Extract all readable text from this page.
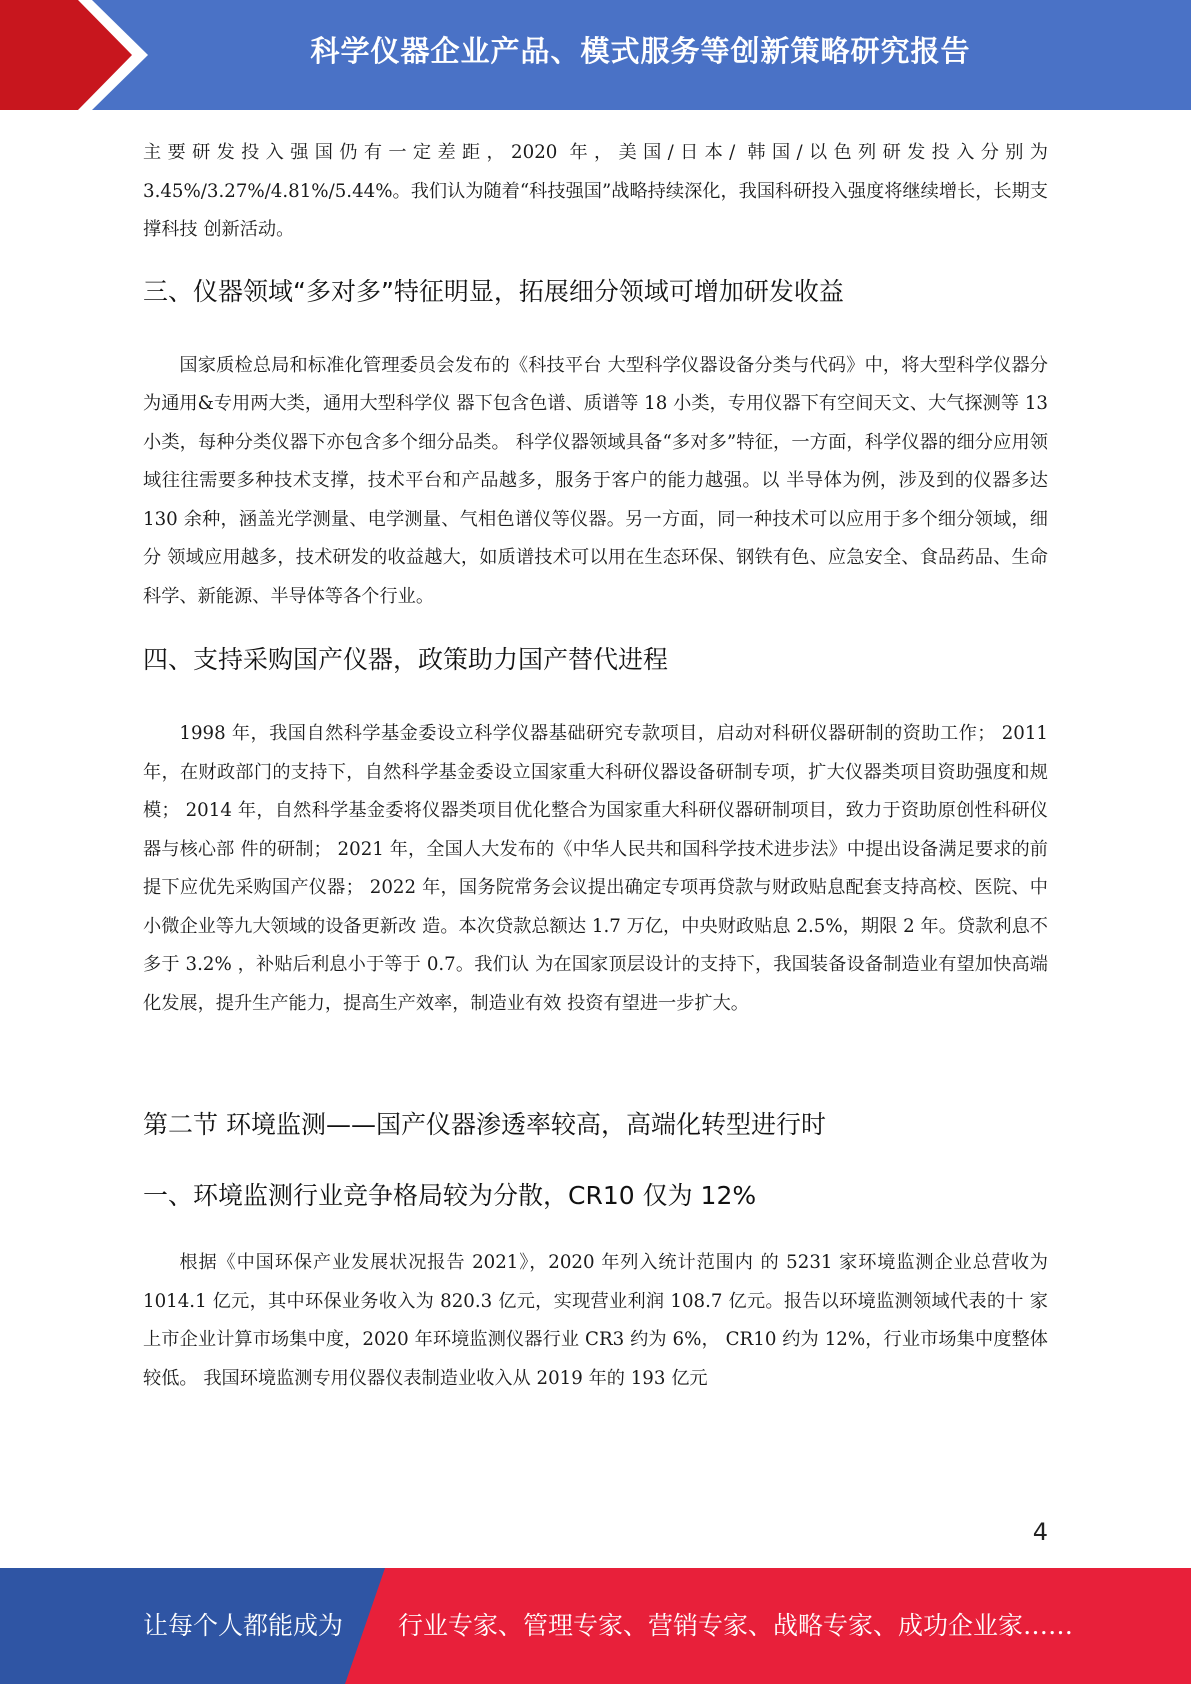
科学仪器企业产品、模式服务等创新策略研究报告

主要研发投入强国仍有一定差距，2020 年，美国/日本/ 韩国/以色列研发投入分别为 3.45%/3.27%/4.81%/5.44%。我们认为随着“科技强国”战略持续深化，我国科研投入强度将继续增长，长期支撑科技 创新活动。

三、仪器领域“多对多”特征明显，拓展细分领域可增加研发收益

国家质检总局和标准化管理委员会发布的《科技平台 大型科学仪器设备分类与代码》中，将大型科学仪器分为通用&专用两大类，通用大型科学仪 器下包含色谱、质谱等 18 小类，专用仪器下有空间天文、大气探测等 13 小类，每种分类仪器下亦包含多个细分品类。 科学仪器领域具备“多对多”特征，一方面，科学仪器的细分应用领域往往需要多种技术支撑，技术平台和产品越多，服务于客户的能力越强。以 半导体为例，涉及到的仪器多达 130 余种，涵盖光学测量、电学测量、气相色谱仪等仪器。另一方面，同一种技术可以应用于多个细分领域，细分 领域应用越多，技术研发的收益越大，如质谱技术可以用在生态环保、钢铁有色、应急安全、食品药品、生命科学、新能源、半导体等各个行业。

四、支持采购国产仪器，政策助力国产替代进程

1998 年，我国自然科学基金委设立科学仪器基础研究专款项目，启动对科研仪器研制的资助工作； 2011 年，在财政部门的支持下，自然科学基金委设立国家重大科研仪器设备研制专项，扩大仪器类项目资助强度和规 模； 2014 年，自然科学基金委将仪器类项目优化整合为国家重大科研仪器研制项目，致力于资助原创性科研仪器与核心部 件的研制； 2021 年，全国人大发布的《中华人民共和国科学技术进步法》中提出设备满足要求的前提下应优先采购国产仪器； 2022 年，国务院常务会议提出确定专项再贷款与财政贴息配套支持高校、医院、中小微企业等九大领域的设备更新改 造。本次贷款总额达 1.7 万亿，中央财政贴息 2.5%，期限 2 年。贷款利息不多于 3.2% ，补贴后利息小于等于 0.7。我们认 为在国家顶层设计的支持下，我国装备设备制造业有望加快高端化发展，提升生产能力，提高生产效率，制造业有效 投资有望进一步扩大。

第二节 环境监测——国产仪器渗透率较高，高端化转型进行时
一、环境监测行业竞争格局较为分散，CR10 仅为 12%

根据《中国环保产业发展状况报告 2021》，2020 年列入统计范围内 的 5231 家环境监测企业总营收为 1014.1 亿元，其中环保业务收入为 820.3 亿元，实现营业利润 108.7 亿元。报告以环境监测领域代表的十 家上市企业计算市场集中度，2020 年环境监测仪器行业 CR3 约为 6%， CR10 约为 12%，行业市场集中度整体较低。 我国环境监测专用仪器仪表制造业收入从 2019 年的 193 亿元

4
让每个人都能成为 行业专家、管理专家、营销专家、战略专家、成功企业家……
